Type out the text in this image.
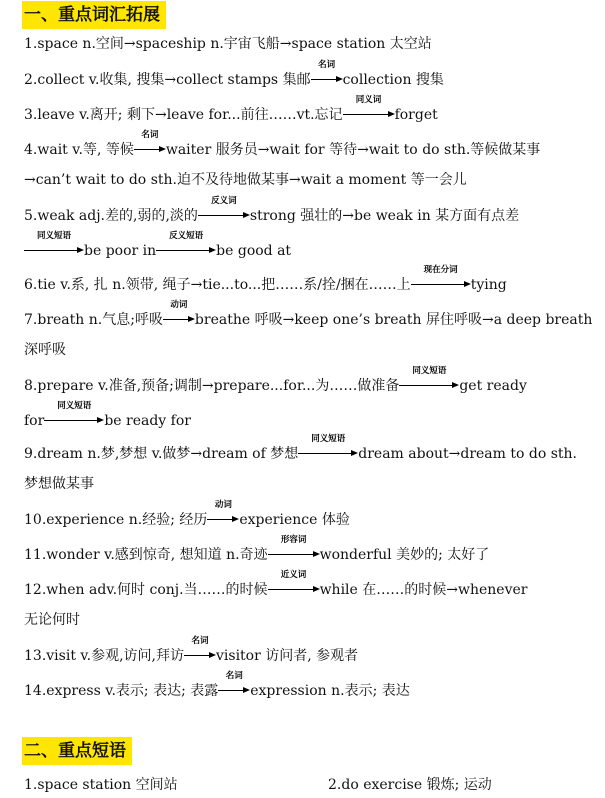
一、重点词汇拓展
1.space n.空间→spaceship n.宇宙飞船→space station 太空站
2.collect v.收集, 搜集→collect stamps 集邮
名词
collection 搜集
3.leave v.离开; 剩下→leave for...前往……vt.忘记
同义词
forget
4.wait v.等, 等候
名词
waiter 服务员→wait for 等待→wait to do sth.等候做某事
→can’t wait to do sth.迫不及待地做某事→wait a moment 等一会儿
5.weak adj.差的,弱的,淡的
反义词
strong 强壮的→be weak in 某方面有点差
同义短语
be poor in
反义短语
be good at
6.tie v.系, 扎 n.领带, 绳子→tie...to...把……系/拴/捆在……上
现在分词
tying
7.breath n.气息;呼吸
动词
breathe 呼吸→keep one’s breath 屏住呼吸→a deep breath
深呼吸
8.prepare v.准备,预备;调制→prepare...for...为……做准备
同义短语
get ready
for
同义短语
be ready for
9.dream n.梦,梦想 v.做梦→dream of 梦想
同义短语
dream about→dream to do sth.
梦想做某事
10.experience n.经验; 经历
动词
experience 体验
11.wonder v.感到惊奇, 想知道 n.奇迹
形容词
wonderful 美妙的; 太好了
12.when adv.何时 conj.当……的时候
近义词
while 在……的时候→whenever
无论何时
13.visit v.参观,访问,拜访
名词
visitor 访问者, 参观者
14.express v.表示; 表达; 表露
名词
expression n.表示; 表达
二、重点短语
1.space station 空间站	2.do exercise 锻炼; 运动
